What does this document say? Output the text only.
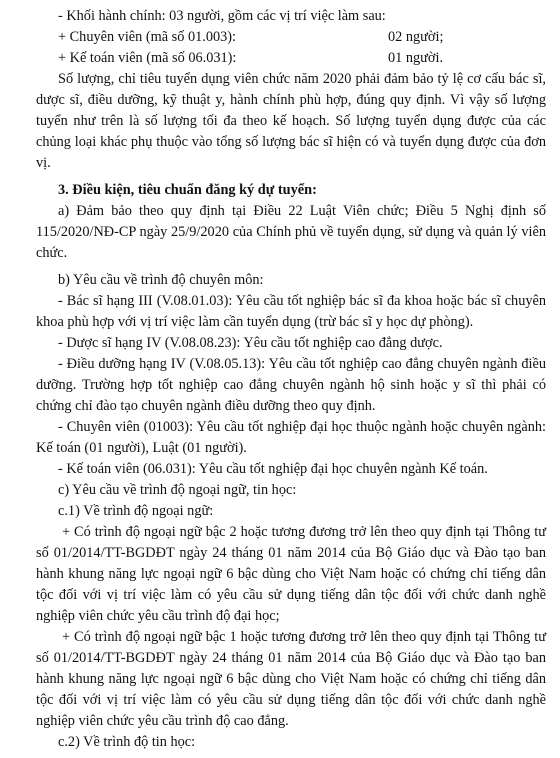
- Khối hành chính: 03 người, gồm các vị trí việc làm sau:

+ Chuyên viên (mã số 01.003):	02 người;
+ Kế toán viên (mã số 06.031):	01 người.

Số lượng, chỉ tiêu tuyển dụng viên chức năm 2020 phải đảm bảo tỷ lệ cơ cấu bác sĩ, dược sĩ, điều dưỡng, kỹ thuật y, hành chính phù hợp, đúng quy định. Vì vậy số lượng tuyển như trên là số lượng tối đa theo kế hoạch. Số lượng tuyển dụng được của các chủng loại khác phụ thuộc vào tổng số lượng bác sĩ hiện có và tuyển dụng được của đơn vị.

3. Điều kiện, tiêu chuẩn đăng ký dự tuyển:

a) Đảm bảo theo quy định tại Điều 22 Luật Viên chức; Điều 5 Nghị định số 115/2020/NĐ-CP ngày 25/9/2020 của Chính phủ về tuyển dụng, sử dụng và quản lý viên chức.

b) Yêu cầu về trình độ chuyên môn:

- Bác sĩ hạng III (V.08.01.03): Yêu cầu tốt nghiệp bác sĩ đa khoa hoặc bác sĩ chuyên khoa phù hợp với vị trí việc làm cần tuyển dụng (trừ bác sĩ y học dự phòng).

- Dược sĩ hạng IV (V.08.08.23): Yêu cầu tốt nghiệp cao đẳng dược.

- Điều dưỡng hạng IV (V.08.05.13): Yêu cầu tốt nghiệp cao đẳng chuyên ngành điều dưỡng. Trường hợp tốt nghiệp cao đẳng chuyên ngành hộ sinh hoặc y sĩ thì phải có chứng chỉ đào tạo chuyên ngành điều dưỡng theo quy định.

- Chuyên viên (01003): Yêu cầu tốt nghiệp đại học thuộc ngành hoặc chuyên ngành: Kế toán (01 người), Luật (01 người).

- Kế toán viên (06.031): Yêu cầu tốt nghiệp đại học chuyên ngành Kế toán.

c) Yêu cầu về trình độ ngoại ngữ, tin học:

c.1) Về trình độ ngoại ngữ:

+ Có trình độ ngoại ngữ bậc 2 hoặc tương đương trở lên theo quy định tại Thông tư số 01/2014/TT-BGDĐT ngày 24 tháng 01 năm 2014 của Bộ Giáo dục và Đào tạo ban hành khung năng lực ngoại ngữ 6 bậc dùng cho Việt Nam hoặc có chứng chỉ tiếng dân tộc đối với vị trí việc làm có yêu cầu sử dụng tiếng dân tộc đối với chức danh nghề nghiệp viên chức yêu cầu trình độ đại học;

+ Có trình độ ngoại ngữ bậc 1 hoặc tương đương trở lên theo quy định tại Thông tư số 01/2014/TT-BGDĐT ngày 24 tháng 01 năm 2014 của Bộ Giáo dục và Đào tạo ban hành khung năng lực ngoại ngữ 6 bậc dùng cho Việt Nam hoặc có chứng chỉ tiếng dân tộc đối với vị trí việc làm có yêu cầu sử dụng tiếng dân tộc đối với chức danh nghề nghiệp viên chức yêu cầu trình độ cao đẳng.

c.2) Về trình độ tin học:
